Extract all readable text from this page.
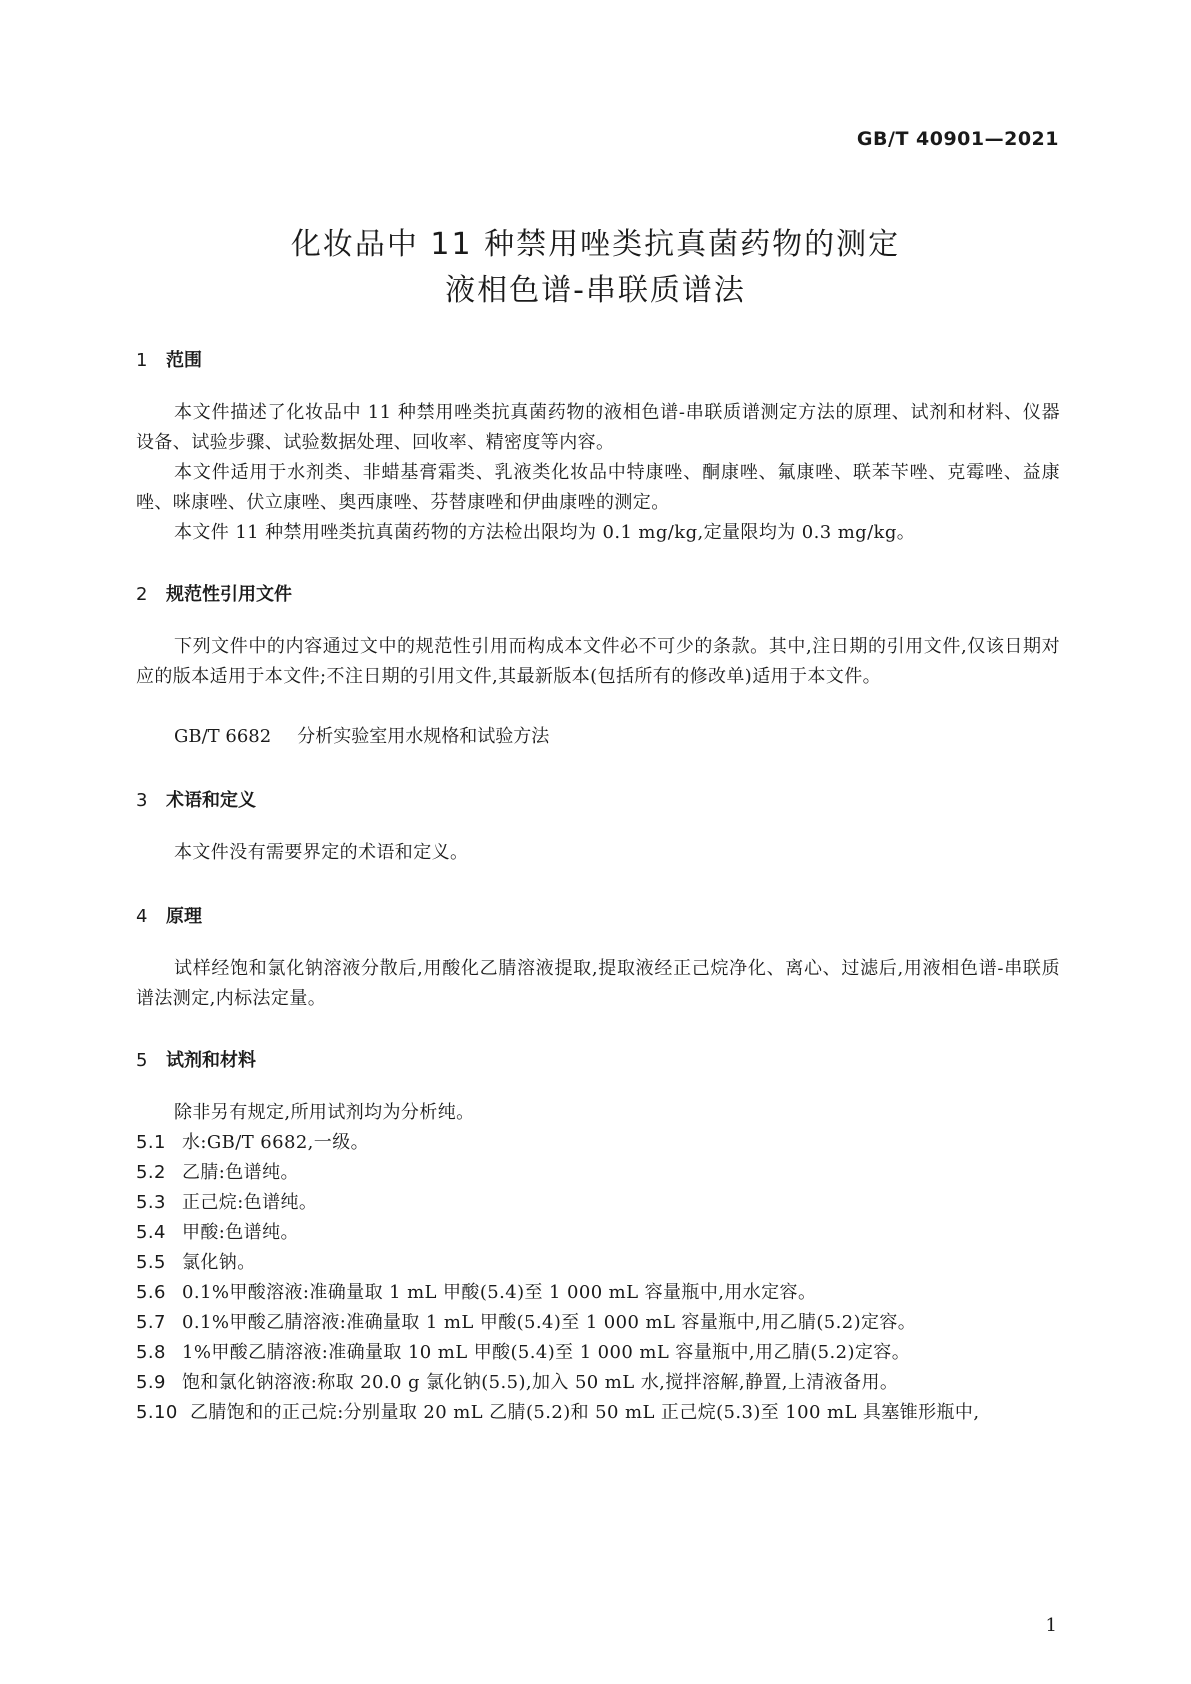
GB/T 40901—2021
化妆品中 11 种禁用唑类抗真菌药物的测定
液相色谱-串联质谱法
1 范围
本文件描述了化妆品中 11 种禁用唑类抗真菌药物的液相色谱-串联质谱测定方法的原理、试剂和材料、仪器设备、试验步骤、试验数据处理、回收率、精密度等内容。
本文件适用于水剂类、非蜡基膏霜类、乳液类化妆品中特康唑、酮康唑、氟康唑、联苯苄唑、克霉唑、益康唑、咪康唑、伏立康唑、奥西康唑、芬替康唑和伊曲康唑的测定。
本文件 11 种禁用唑类抗真菌药物的方法检出限均为 0.1 mg/kg,定量限均为 0.3 mg/kg。
2 规范性引用文件
下列文件中的内容通过文中的规范性引用而构成本文件必不可少的条款。其中,注日期的引用文件,仅该日期对应的版本适用于本文件;不注日期的引用文件,其最新版本(包括所有的修改单)适用于本文件。
GB/T 6682 分析实验室用水规格和试验方法
3 术语和定义
本文件没有需要界定的术语和定义。
4 原理
试样经饱和氯化钠溶液分散后,用酸化乙腈溶液提取,提取液经正己烷净化、离心、过滤后,用液相色谱-串联质谱法测定,内标法定量。
5 试剂和材料
除非另有规定,所用试剂均为分析纯。
5.1 水:GB/T 6682,一级。
5.2 乙腈:色谱纯。
5.3 正己烷:色谱纯。
5.4 甲酸:色谱纯。
5.5 氯化钠。
5.6 0.1%甲酸溶液:准确量取 1 mL 甲酸(5.4)至 1 000 mL 容量瓶中,用水定容。
5.7 0.1%甲酸乙腈溶液:准确量取 1 mL 甲酸(5.4)至 1 000 mL 容量瓶中,用乙腈(5.2)定容。
5.8 1%甲酸乙腈溶液:准确量取 10 mL 甲酸(5.4)至 1 000 mL 容量瓶中,用乙腈(5.2)定容。
5.9 饱和氯化钠溶液:称取 20.0 g 氯化钠(5.5),加入 50 mL 水,搅拌溶解,静置,上清液备用。
5.10 乙腈饱和的正己烷:分别量取 20 mL 乙腈(5.2)和 50 mL 正己烷(5.3)至 100 mL 具塞锥形瓶中,
1
